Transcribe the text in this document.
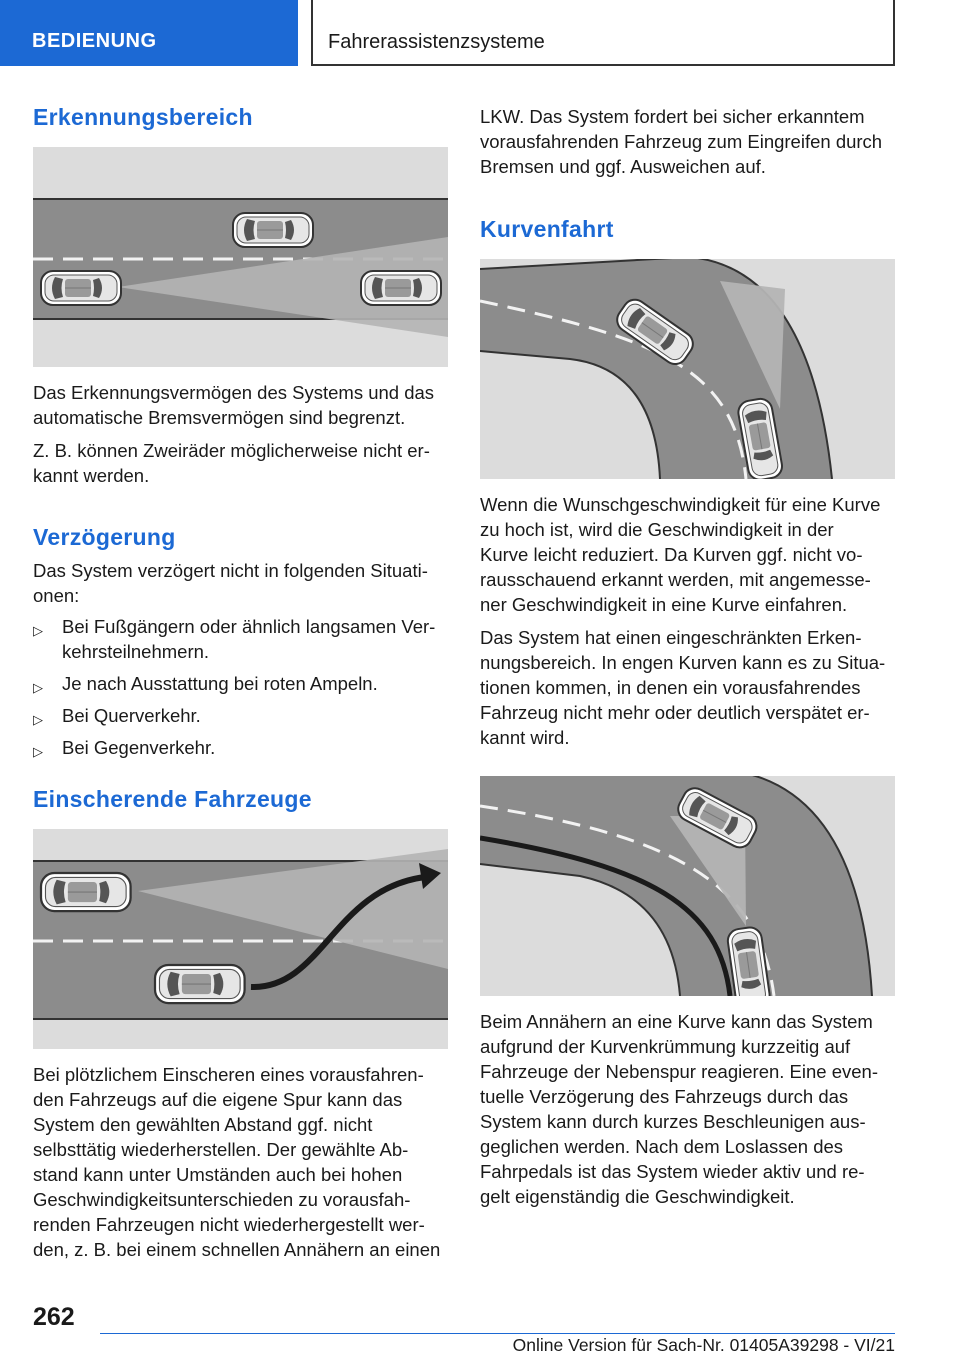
BEDIENUNG	Fahrerassistenzsysteme
Erkennungsbereich

Das Erkennungsvermögen des Systems und das
automatische Bremsvermögen sind begrenzt.

Z. B. können Zweiräder möglicherweise nicht er‐
kannt werden.

Verzögerung

Das System verzögert nicht in folgenden Situati‐
onen:

▷ Bei Fußgängern oder ähnlich langsamen Ver‐
kehrsteilnehmern.
▷ Je nach Ausstattung bei roten Ampeln.
▷ Bei Querverkehr.
▷ Bei Gegenverkehr.
Einscherende Fahrzeuge

Bei plötzlichem Einscheren eines vorausfahren‐
den Fahrzeugs auf die eigene Spur kann das
System den gewählten Abstand ggf. nicht
selbsttätig wiederherstellen. Der gewählte Ab‐
stand kann unter Umständen auch bei hohen
Geschwindigkeitsunterschieden zu vorausfah‐
renden Fahrzeugen nicht wiederhergestellt wer‐
den, z. B. bei einem schnellen Annähern an einen

LKW. Das System fordert bei sicher erkanntem
vorausfahrenden Fahrzeug zum Eingreifen durch
Bremsen und ggf. Ausweichen auf.

Kurvenfahrt

Wenn die Wunschgeschwindigkeit für eine Kurve
zu hoch ist, wird die Geschwindigkeit in der
Kurve leicht reduziert. Da Kurven ggf. nicht vo‐
rausschauend erkannt werden, mit angemesse‐
ner Geschwindigkeit in eine Kurve einfahren.

Das System hat einen eingeschränkten Erken‐
nungsbereich. In engen Kurven kann es zu Situa‐
tionen kommen, in denen ein vorausfahrendes
Fahrzeug nicht mehr oder deutlich verspätet er‐
kannt wird.

Beim Annähern an eine Kurve kann das System
aufgrund der Kurvenkrümmung kurzzeitig auf
Fahrzeuge der Nebenspur reagieren. Eine even‐
tuelle Verzögerung des Fahrzeugs durch das
System kann durch kurzes Beschleunigen aus‐
geglichen werden. Nach dem Loslassen des
Fahrpedals ist das System wieder aktiv und re‐
gelt eigenständig die Geschwindigkeit.

262
Online Version für Sach-Nr. 01405A39298 - VI/21
